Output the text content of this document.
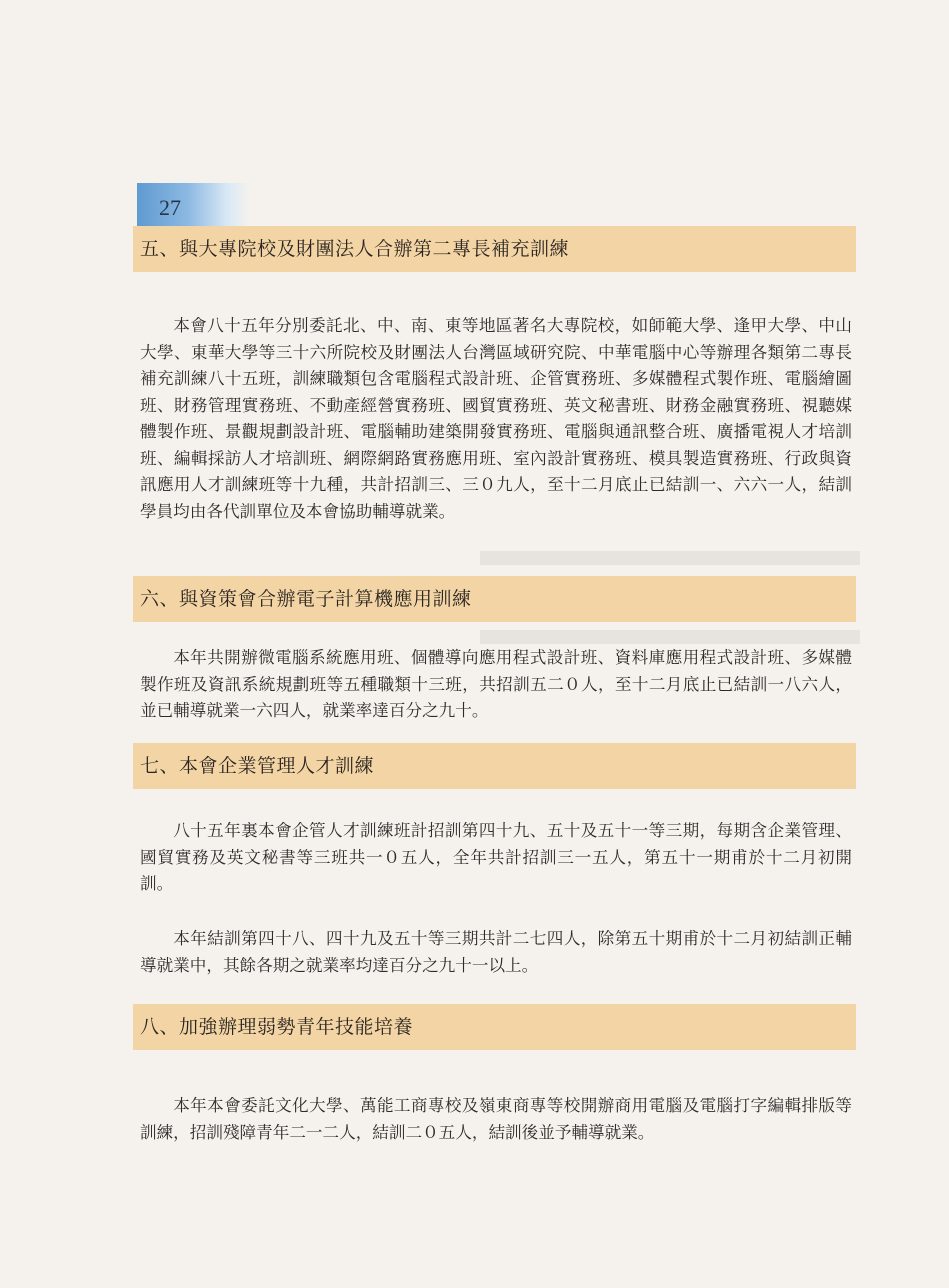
27
五、與大專院校及財團法人合辦第二專長補充訓練

本會八十五年分別委託北、中、南、東等地區著名大專院校，如師範大學、逢甲大學、中山大學、東華大學等三十六所院校及財團法人台灣區域研究院、中華電腦中心等辦理各類第二專長補充訓練八十五班，訓練職類包含電腦程式設計班、企管實務班、多媒體程式製作班、電腦繪圖班、財務管理實務班、不動產經營實務班、國貿實務班、英文秘書班、財務金融實務班、視聽媒體製作班、景觀規劃設計班、電腦輔助建築開發實務班、電腦與通訊整合班、廣播電視人才培訓班、編輯採訪人才培訓班、網際網路實務應用班、室內設計實務班、模具製造實務班、行政與資訊應用人才訓練班等十九種，共計招訓三、三０九人，至十二月底止已結訓一、六六一人，結訓學員均由各代訓單位及本會協助輔導就業。

六、與資策會合辦電子計算機應用訓練

本年共開辦微電腦系統應用班、個體導向應用程式設計班、資料庫應用程式設計班、多媒體製作班及資訊系統規劃班等五種職類十三班，共招訓五二０人，至十二月底止已結訓一八六人，並已輔導就業一六四人，就業率達百分之九十。

七、本會企業管理人才訓練

八十五年裏本會企管人才訓練班計招訓第四十九、五十及五十一等三期，每期含企業管理、國貿實務及英文秘書等三班共一０五人，全年共計招訓三一五人，第五十一期甫於十二月初開訓。

本年結訓第四十八、四十九及五十等三期共計二七四人，除第五十期甫於十二月初結訓正輔導就業中，其餘各期之就業率均達百分之九十一以上。

八、加強辦理弱勢青年技能培養

本年本會委託文化大學、萬能工商專校及嶺東商專等校開辦商用電腦及電腦打字編輯排版等訓練，招訓殘障青年二一二人，結訓二０五人，結訓後並予輔導就業。
